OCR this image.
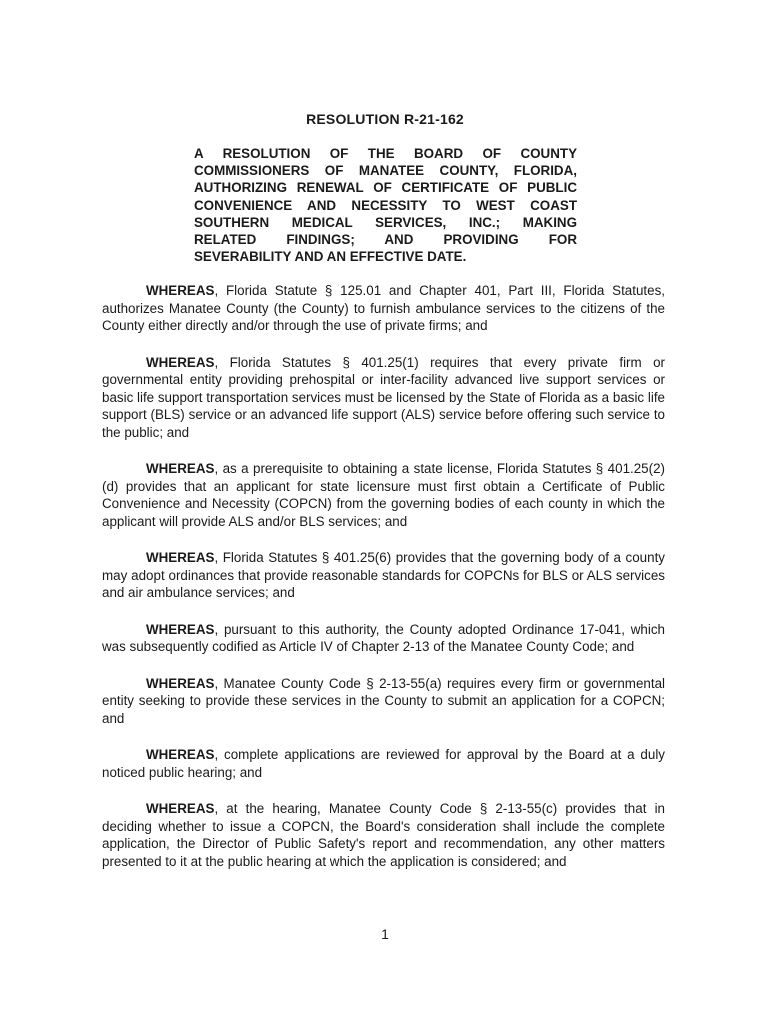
RESOLUTION R-21-162
A RESOLUTION OF THE BOARD OF COUNTY
COMMISSIONERS OF MANATEE COUNTY, FLORIDA,
AUTHORIZING RENEWAL OF CERTIFICATE OF PUBLIC
CONVENIENCE AND NECESSITY TO WEST COAST
SOUTHERN MEDICAL SERVICES, INC.; MAKING
RELATED FINDINGS; AND PROVIDING FOR
SEVERABILITY AND AN EFFECTIVE DATE.

WHEREAS, Florida Statute § 125.01 and Chapter 401, Part III, Florida Statutes, authorizes Manatee County (the County) to furnish ambulance services to the citizens of the County either directly and/or through the use of private firms; and

WHEREAS, Florida Statutes § 401.25(1) requires that every private firm or governmental entity providing prehospital or inter-facility advanced live support services or basic life support transportation services must be licensed by the State of Florida as a basic life support (BLS) service or an advanced life support (ALS) service before offering such service to the public; and

WHEREAS, as a prerequisite to obtaining a state license, Florida Statutes § 401.25(2)(d) provides that an applicant for state licensure must first obtain a Certificate of Public Convenience and Necessity (COPCN) from the governing bodies of each county in which the applicant will provide ALS and/or BLS services; and

WHEREAS, Florida Statutes § 401.25(6) provides that the governing body of a county may adopt ordinances that provide reasonable standards for COPCNs for BLS or ALS services and air ambulance services; and

WHEREAS, pursuant to this authority, the County adopted Ordinance 17-041, which was subsequently codified as Article IV of Chapter 2-13 of the Manatee County Code; and

WHEREAS, Manatee County Code § 2-13-55(a) requires every firm or governmental entity seeking to provide these services in the County to submit an application for a COPCN; and

WHEREAS, complete applications are reviewed for approval by the Board at a duly noticed public hearing; and

WHEREAS, at the hearing, Manatee County Code § 2-13-55(c) provides that in deciding whether to issue a COPCN, the Board's consideration shall include the complete application, the Director of Public Safety's report and recommendation, any other matters presented to it at the public hearing at which the application is considered; and

1
